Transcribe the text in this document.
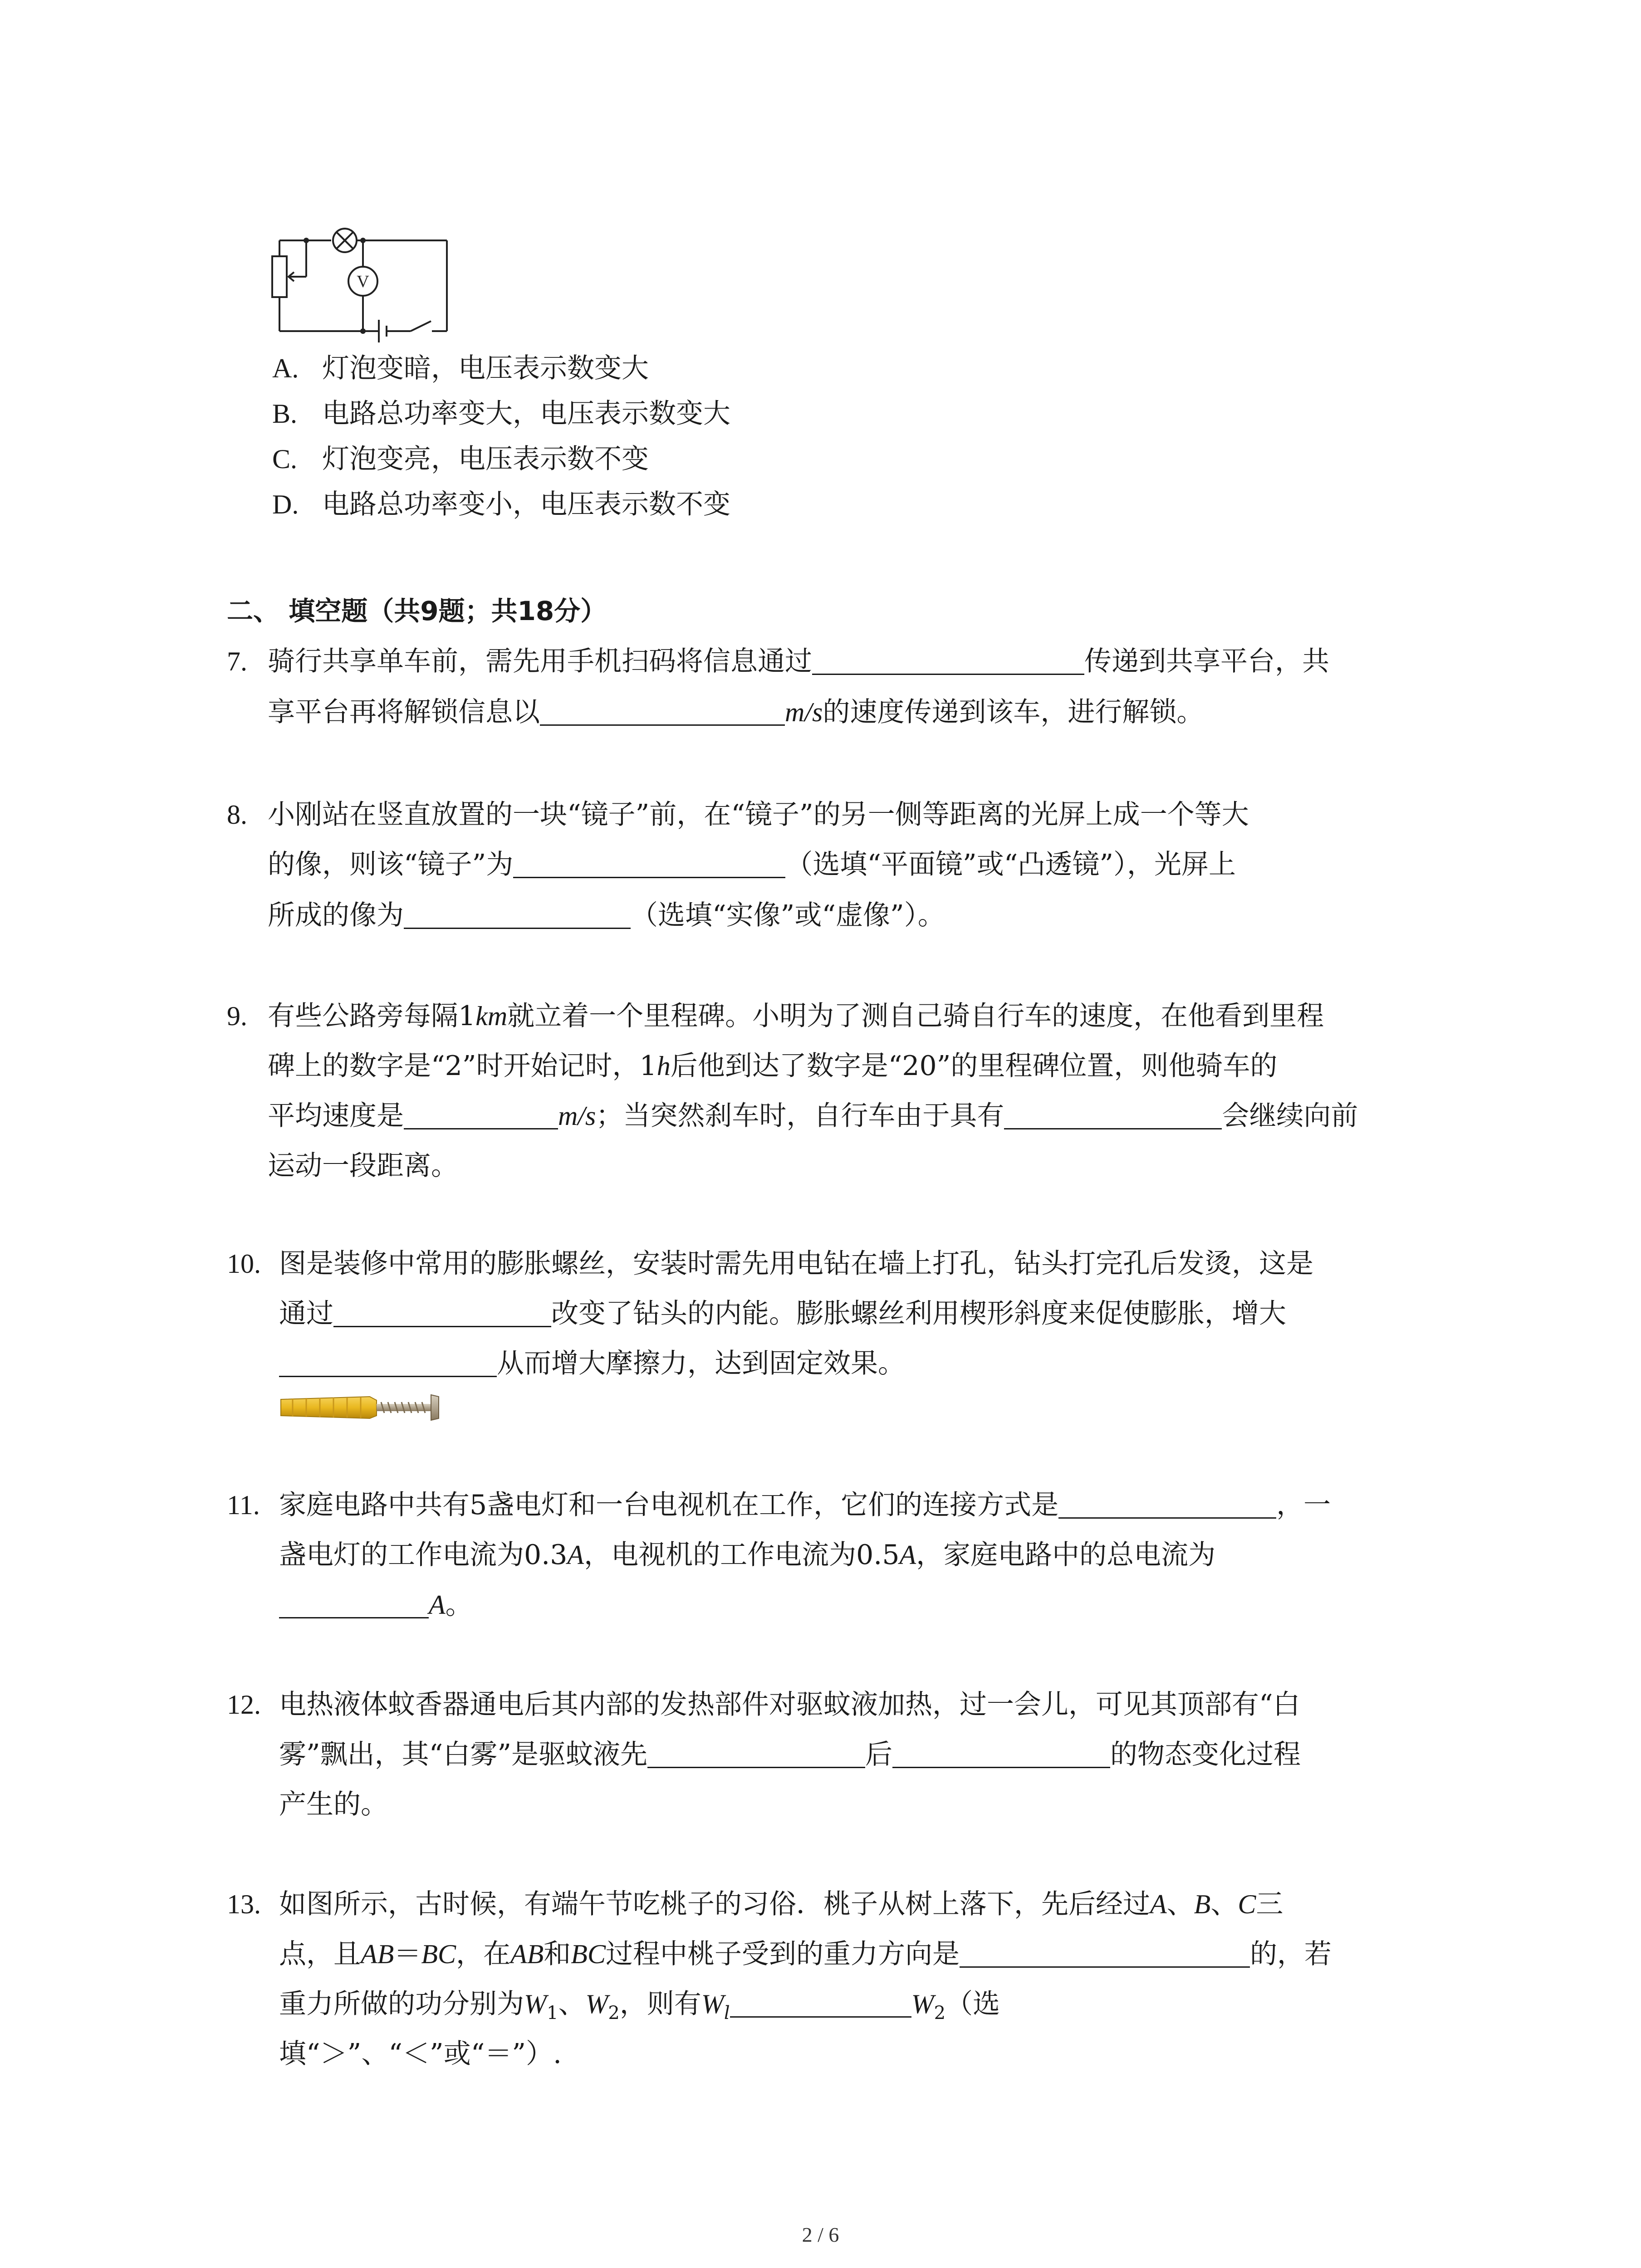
V
A. 灯泡变暗，电压表示数变大
B. 电路总功率变大，电压表示数变大
C. 灯泡变亮，电压表示数不变
D. 电路总功率变小，电压表示数不变
二、 填空题（共9题；共18分）
7. 骑行共享单车前，需先用手机扫码将信息通过	传递到共享平台，共
享平台再将解锁信息以	m/s的速度传递到该车，进行解锁。
8. 小刚站在竖直放置的一块“镜子”前，在“镜子”的另一侧等距离的光屏上成一个等大
的像，则该“镜子”为	（选填“平面镜”或“凸透镜”），光屏上
所成的像为	（选填“实像”或“虚像”）。
9. 有些公路旁每隔1km就立着一个里程碑。小明为了测自己骑自行车的速度，在他看到里程
碑上的数字是“2”时开始记时，1h后他到达了数字是“20”的里程碑位置，则他骑车的
平均速度是	m/s；当突然刹车时，自行车由于具有	会继续向前
运动一段距离。
10. 图是装修中常用的膨胀螺丝，安装时需先用电钻在墙上打孔，钻头打完孔后发烫，这是
通过	改变了钻头的内能。膨胀螺丝利用楔形斜度来促使膨胀，增大
从而增大摩擦力，达到固定效果。
11. 家庭电路中共有5盏电灯和一台电视机在工作，它们的连接方式是	，一
盏电灯的工作电流为0.3A，电视机的工作电流为0.5A，家庭电路中的总电流为
A。
12. 电热液体蚊香器通电后其内部的发热部件对驱蚊液加热，过一会儿，可见其顶部有“白
雾”飘出，其“白雾”是驱蚊液先	后	的物态变化过程
产生的。
13. 如图所示，古时候，有端午节吃桃子的习俗．桃子从树上落下，先后经过A、B、C三
点，且AB＝BC，在AB和BC过程中桃子受到的重力方向是	的，若
重力所做的功分别为$W_1$、$W_2$，则有$W_l$	$W_2$（选
填“＞”、“＜”或“＝”）.
2 / 6
